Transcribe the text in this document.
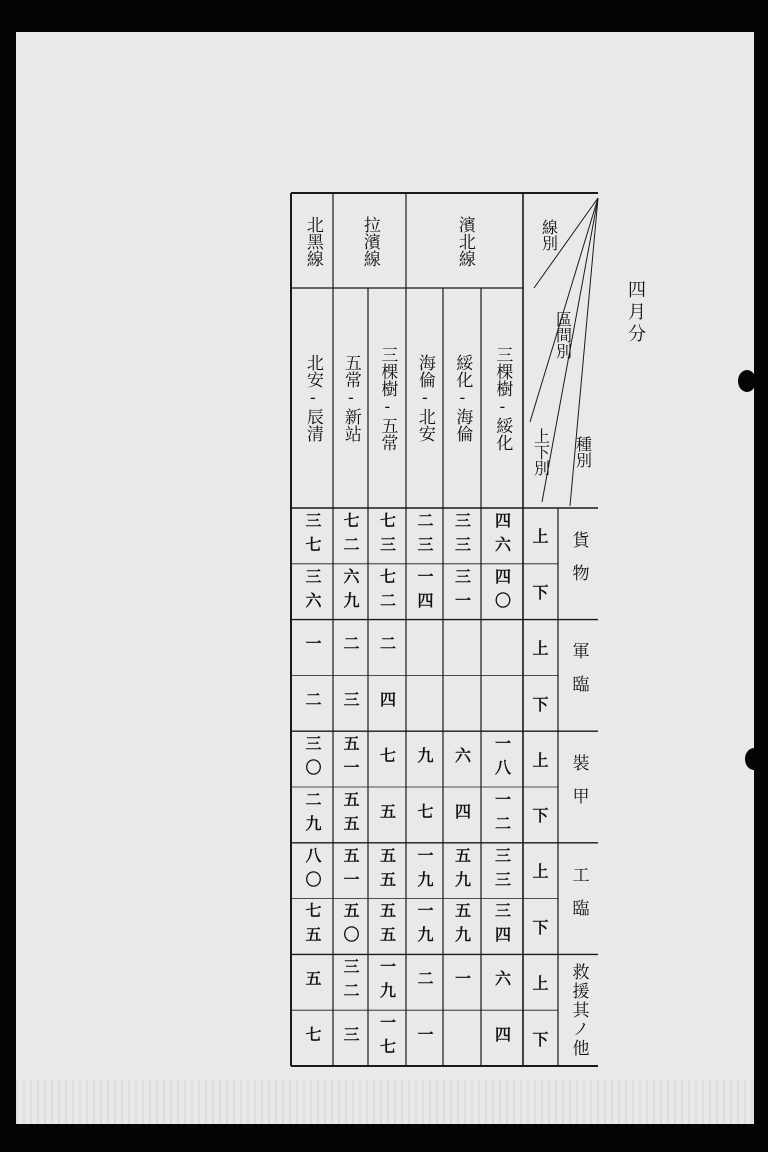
四月分
線別
區間別
上下別	種別
濱北線
拉濱線
北黑線
三棵樹-綏化
綏化-海倫
海倫-北安
三棵樹-五常
五常-新站
北安-辰清
貨物
軍臨
裝甲
工臨
救援其ノ他
上
下
上
下
上
下
上
下
上
下
四六
三三
二三
七三
七二
三七
四〇
三一
一四
七二
六九
三六
二
二
一
四
三
二
一八
六
九
七
五一
三〇
一二
四
七
五
五五
二九
三三
五九
一九
五五
五一
八〇
三四
五九
一九
五五
五〇
七五
六
一
二
一九
三二
五
四
一
一七
三
七
